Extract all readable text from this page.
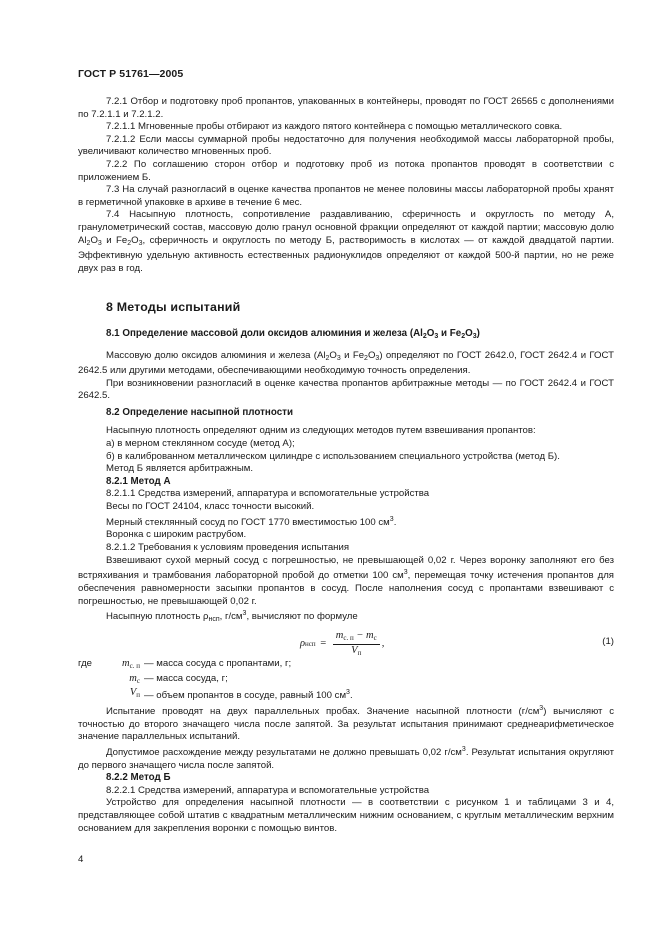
ГОСТ Р 51761—2005

7.2.1 Отбор и подготовку проб пропантов, упакованных в контейнеры, проводят по ГОСТ 26565 с дополнениями по 7.2.1.1 и 7.2.1.2.

7.2.1.1 Мгновенные пробы отбирают из каждого пятого контейнера с помощью металлического совка.

7.2.1.2 Если массы суммарной пробы недостаточно для получения необходимой массы лабораторной пробы, увеличивают количество мгновенных проб.

7.2.2 По соглашению сторон отбор и подготовку проб из потока пропантов проводят в соответствии с приложением Б.

7.3 На случай разногласий в оценке качества пропантов не менее половины массы лабораторной пробы хранят в герметичной упаковке в архиве в течение 6 мес.

7.4 Насыпную плотность, сопротивление раздавливанию, сферичность и округлость по методу А, гранулометрический состав, массовую долю гранул основной фракции определяют от каждой партии; массовую долю $Al_2O_3$ и $Fe_2O_3$, сферичность и округлость по методу Б, растворимость в кислотах — от каждой двадцатой партии. Эффективную удельную активность естественных радионуклидов определяют от каждой 500-й партии, но не реже двух раз в год.

8 Методы испытаний
8.1 Определение массовой доли оксидов алюминия и железа ($Al_2O_3$ и $Fe_2O_3$)

Массовую долю оксидов алюминия и железа ($Al_2O_3$ и $Fe_2O_3$) определяют по ГОСТ 2642.0, ГОСТ 2642.4 и ГОСТ 2642.5 или другими методами, обеспечивающими необходимую точность определения.

При возникновении разногласий в оценке качества пропантов арбитражные методы — по ГОСТ 2642.4 и ГОСТ 2642.5.

8.2 Определение насыпной плотности

Насыпную плотность определяют одним из следующих методов путем взвешивания пропантов:

а) в мерном стеклянном сосуде (метод А);

б) в калиброванном металлическом цилиндре с использованием специального устройства (метод Б).

Метод Б является арбитражным.

8.2.1 Метод А

8.2.1.1 Средства измерений, аппаратура и вспомогательные устройства

Весы по ГОСТ 24104, класс точности высокий.

Мерный стеклянный сосуд по ГОСТ 1770 вместимостью 100 $см^3$.

Воронка с широким раструбом.

8.2.1.2 Требования к условиям проведения испытания

Взвешивают сухой мерный сосуд с погрешностью, не превышающей 0,02 г. Через воронку заполняют его без встряхивания и трамбования лабораторной пробой до отметки 100 $см^3$, перемещая точку истечения пропантов для обеспечения равномерности засыпки пропантов в сосуд. После наполнения сосуд с пропантами взвешивают с погрешностью, не превышающей 0,02 г.

Насыпную плотность $\rho_{нсп}$, $г/см^3$, вычисляют по формуле

ρ нсп = $\frac{m_{с. п} - m_с}{V_п}$ ,	(1)
где	$m_{с. п}$ — масса сосуда с пропантами, г;
$m_с$ — масса сосуда, г;
$V_п$ — объем пропантов в сосуде, равный 100 $см^3$.

Испытание проводят на двух параллельных пробах. Значение насыпной плотности $(г/см^3)$ вычисляют с точностью до второго значащего числа после запятой. За результат испытания принимают среднеарифметическое значение параллельных испытаний.

Допустимое расхождение между результатами не должно превышать 0,02 $г/см^3$. Результат испытания округляют до первого значащего числа после запятой.

8.2.2 Метод Б

8.2.2.1 Средства измерений, аппаратура и вспомогательные устройства

Устройство для определения насыпной плотности — в соответствии с рисунком 1 и таблицами 3 и 4, представляющее собой штатив с квадратным металлическим нижним основанием, с круглым металлическим верхним основанием для закрепления воронки с помощью винтов.

4
